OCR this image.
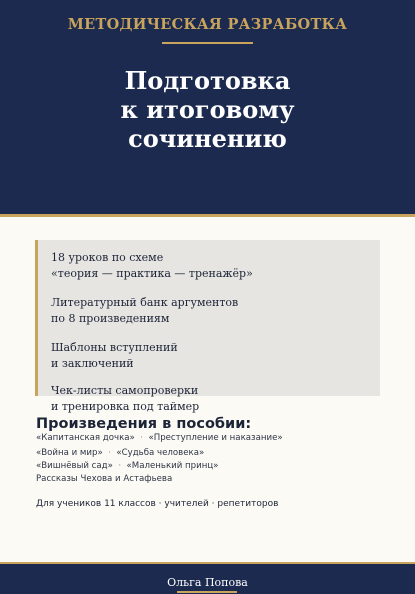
МЕТОДИЧЕСКАЯ РАЗРАБОТКА
Подготовка
к итоговому
сочинению
18 уроков по схеме
«теория — практика — тренажёр»
Литературный банк аргументов
по 8 произведениям
Шаблоны вступлений
и заключений
Чек-листы самопроверки
и тренировка под таймер
Произведения в пособии:
«Капитанская дочка» · «Преступление и наказание»
«Война и мир» · «Судьба человека»
«Вишнёвый сад» · «Маленький принц»
Рассказы Чехова и Астафьева
Для учеников 11 классов · учителей · репетиторов
Ольга Попова
